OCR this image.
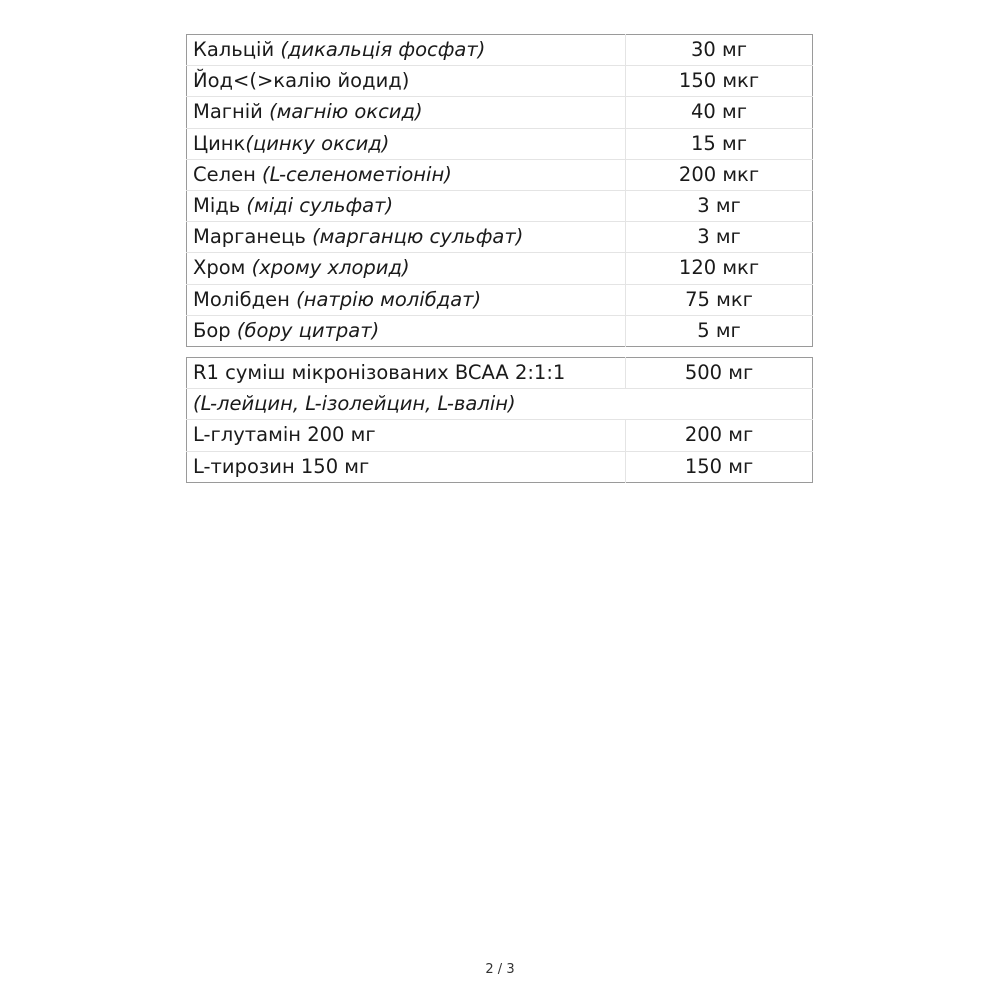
Кальцій (дикальція фосфат)	30 мг
Йод<(>калію йодид)	150 мкг
Магній (магнію оксид)	40 мг
Цинк(цинку оксид)	15 мг
Селен (L-селенометіонін)	200 мкг
Мідь (міді сульфат)	3 мг
Марганець (марганцю сульфат)	3 мг
Хром (хрому хлорид)	120 мкг
Молібден (натрію молібдат)	75 мкг
Бор (бору цитрат)	5 мг
R1 суміш мікронізованих BCAA 2:1:1	500 мг
(L-лейцин, L-ізолейцин, L-валін)	
L-глутамін 200 мг	200 мг
L-тирозин 150 мг	150 мг
2 / 3
